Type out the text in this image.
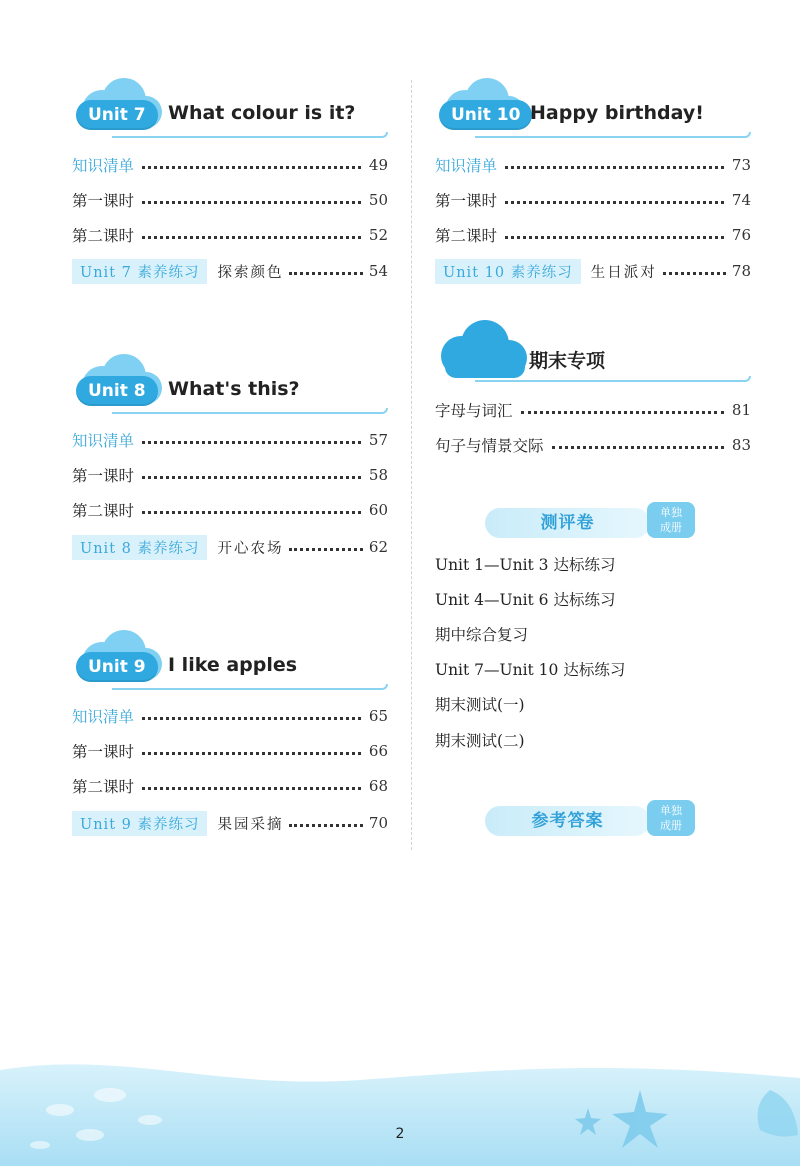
Unit 7	What colour is it?
知识清单	49
第一课时	50
第二课时	52
Unit 7 素养练习	探索颜色	54
Unit 8	What's this?
知识清单	57
第一课时	58
第二课时	60
Unit 8 素养练习	开心农场	62
Unit 9	I like apples
知识清单	65
第一课时	66
第二课时	68
Unit 9 素养练习	果园采摘	70
Unit 10 Happy birthday!
知识清单	73
第一课时	74
第二课时	76
Unit 10 素养练习	生日派对	78
期末专项
字母与词汇	81
句子与情景交际	83
测评卷
单独
成册
Unit 1—Unit 3 达标练习
Unit 4—Unit 6 达标练习
期中综合复习
Unit 7—Unit 10 达标练习
期末测试(一)
期末测试(二)
参考答案
单独
成册
2
